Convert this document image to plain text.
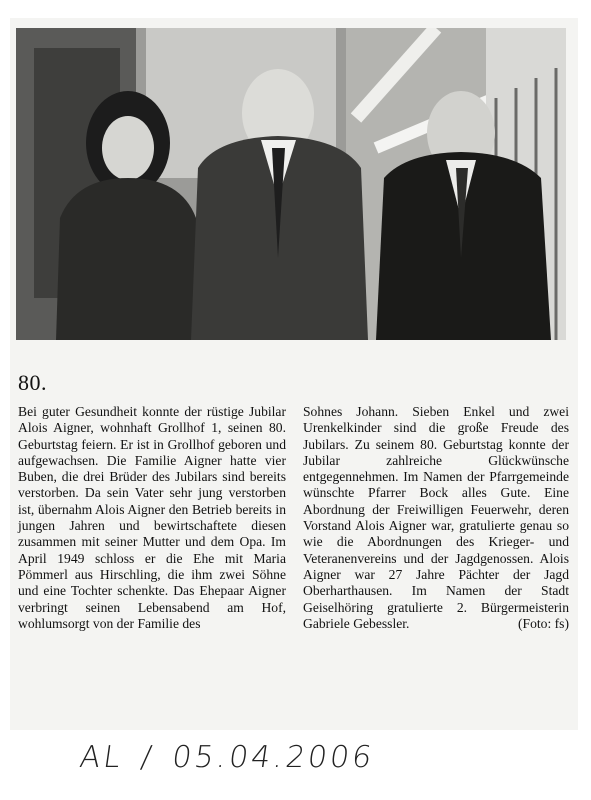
80.

Bei guter Gesundheit konnte der rüstige Jubilar Alois Aigner, wohnhaft Grollhof 1, seinen 80. Geburtstag feiern. Er ist in Grollhof geboren und aufgewachsen. Die Familie Aigner hatte vier Buben, die drei Brüder des Jubilars sind bereits verstorben. Da sein Vater sehr jung verstorben ist, übernahm Alois Aigner den Betrieb bereits in jungen Jahren und bewirtschaftete diesen zusammen mit seiner Mutter und dem Opa. Im April 1949 schloss er die Ehe mit Maria Pömmerl aus Hirschling, die ihm zwei Söhne und eine Tochter schenkte. Das Ehepaar Aigner verbringt seinen Lebensabend am Hof, wohlumsorgt von der Familie des

Sohnes Johann. Sieben Enkel und zwei Urenkelkinder sind die große Freude des Jubilars. Zu seinem 80. Geburtstag konnte der Jubilar zahlreiche Glückwünsche entgegennehmen. Im Namen der Pfarrgemeinde wünschte Pfarrer Bock alles Gute. Eine Abordnung der Freiwilligen Feuerwehr, deren Vorstand Alois Aigner war, gratulierte genau so wie die Abordnungen des Krieger- und Veteranenvereins und der Jagdgenossen. Alois Aigner war 27 Jahre Pächter der Jagd Oberharthausen. Im Namen der Stadt Geiselhöring gratulierte 2. Bürgermeisterin Gabriele Gebessler.	(Foto: fs)

AL / 05.04.2006
